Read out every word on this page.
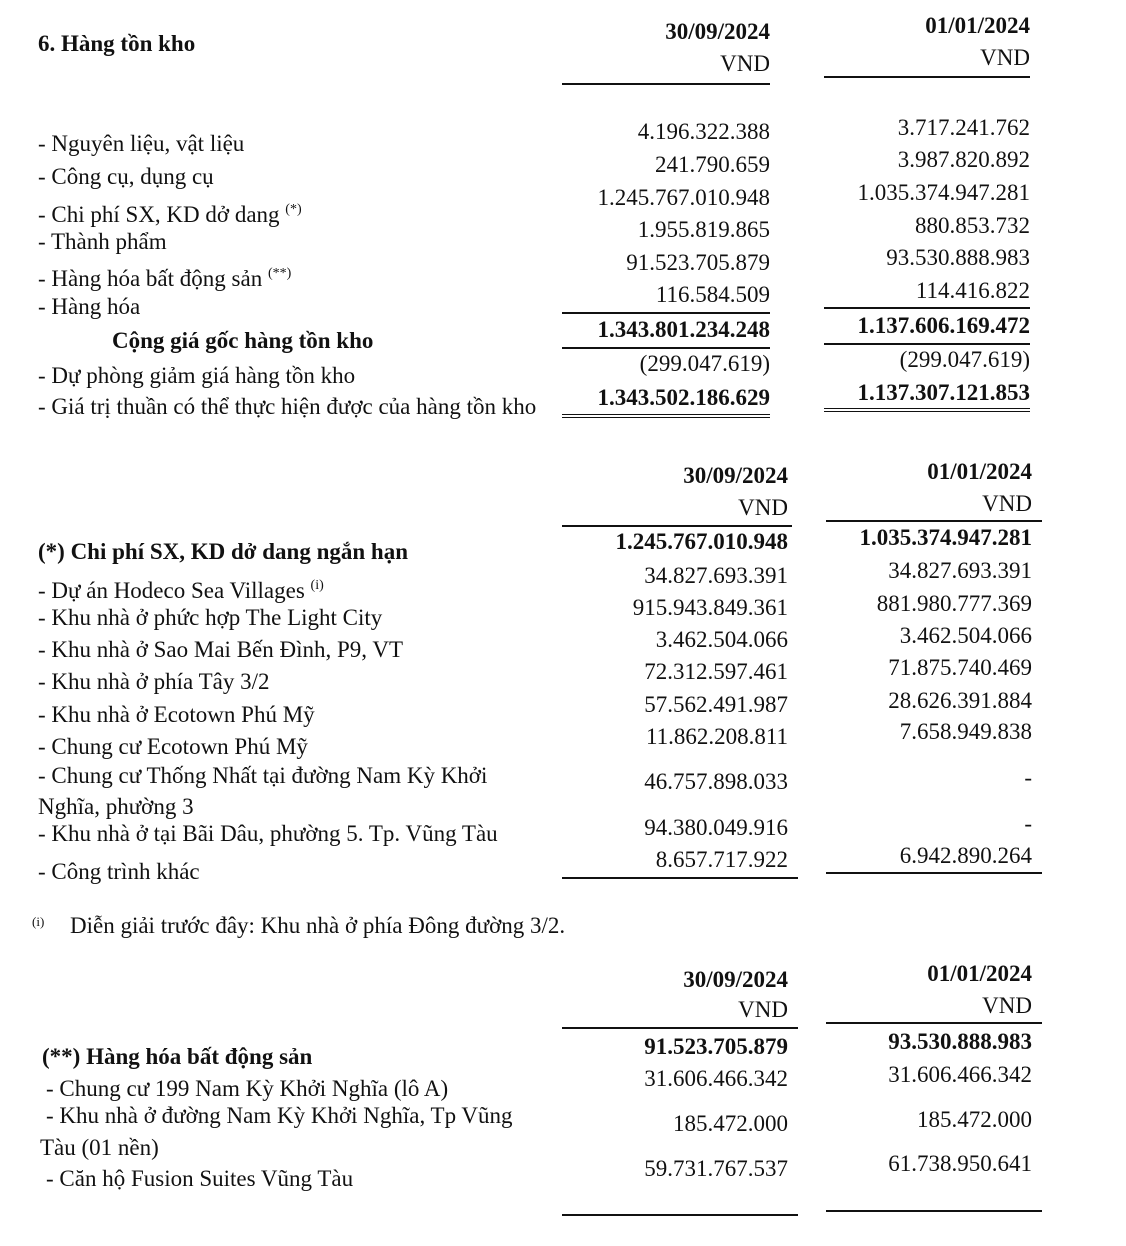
6. Hàng tồn kho	30/09/2024	01/01/2024
VND	VND
- Nguyên liệu, vật liệu	4.196.322.388	3.717.241.762
- Công cụ, dụng cụ	241.790.659	3.987.820.892
- Chi phí SX, KD dở dang (*)	1.245.767.010.948	1.035.374.947.281
- Thành phẩm	1.955.819.865	880.853.732
- Hàng hóa bất động sản (**)	91.523.705.879	93.530.888.983
- Hàng hóa	116.584.509	114.416.822
Cộng giá gốc hàng tồn kho	1.343.801.234.248	1.137.606.169.472
- Dự phòng giảm giá hàng tồn kho	(299.047.619)	(299.047.619)
- Giá trị thuần có thể thực hiện được của hàng tồn kho	1.343.502.186.629	1.137.307.121.853
30/09/2024	01/01/2024
VND	VND
(*) Chi phí SX, KD dở dang ngắn hạn	1.245.767.010.948	1.035.374.947.281
- Dự án Hodeco Sea Villages $^{(i)}$	34.827.693.391	34.827.693.391
- Khu nhà ở phức hợp The Light City	915.943.849.361	881.980.777.369
- Khu nhà ở Sao Mai Bến Đình, P9, VT	3.462.504.066	3.462.504.066
- Khu nhà ở phía Tây 3/2	72.312.597.461	71.875.740.469
- Khu nhà ở Ecotown Phú Mỹ	57.562.491.987	28.626.391.884
- Chung cư Ecotown Phú Mỹ	11.862.208.811	7.658.949.838
- Chung cư Thống Nhất tại đường Nam Kỳ Khởi
Nghĩa, phường 3
46.757.898.033	-
- Khu nhà ở tại Bãi Dâu, phường 5. Tp. Vũng Tàu	94.380.049.916	-
- Công trình khác	8.657.717.922	6.942.890.264
(i) Diễn giải trước đây: Khu nhà ở phía Đông đường 3/2.
30/09/2024	01/01/2024
VND	VND
(**) Hàng hóa bất động sản	91.523.705.879	93.530.888.983
- Chung cư 199 Nam Kỳ Khởi Nghĩa (lô A)	31.606.466.342	31.606.466.342
- Khu nhà ở đường Nam Kỳ Khởi Nghĩa, Tp Vũng
Tàu (01 nền)
185.472.000	185.472.000
- Căn hộ Fusion Suites Vũng Tàu	59.731.767.537	61.738.950.641
